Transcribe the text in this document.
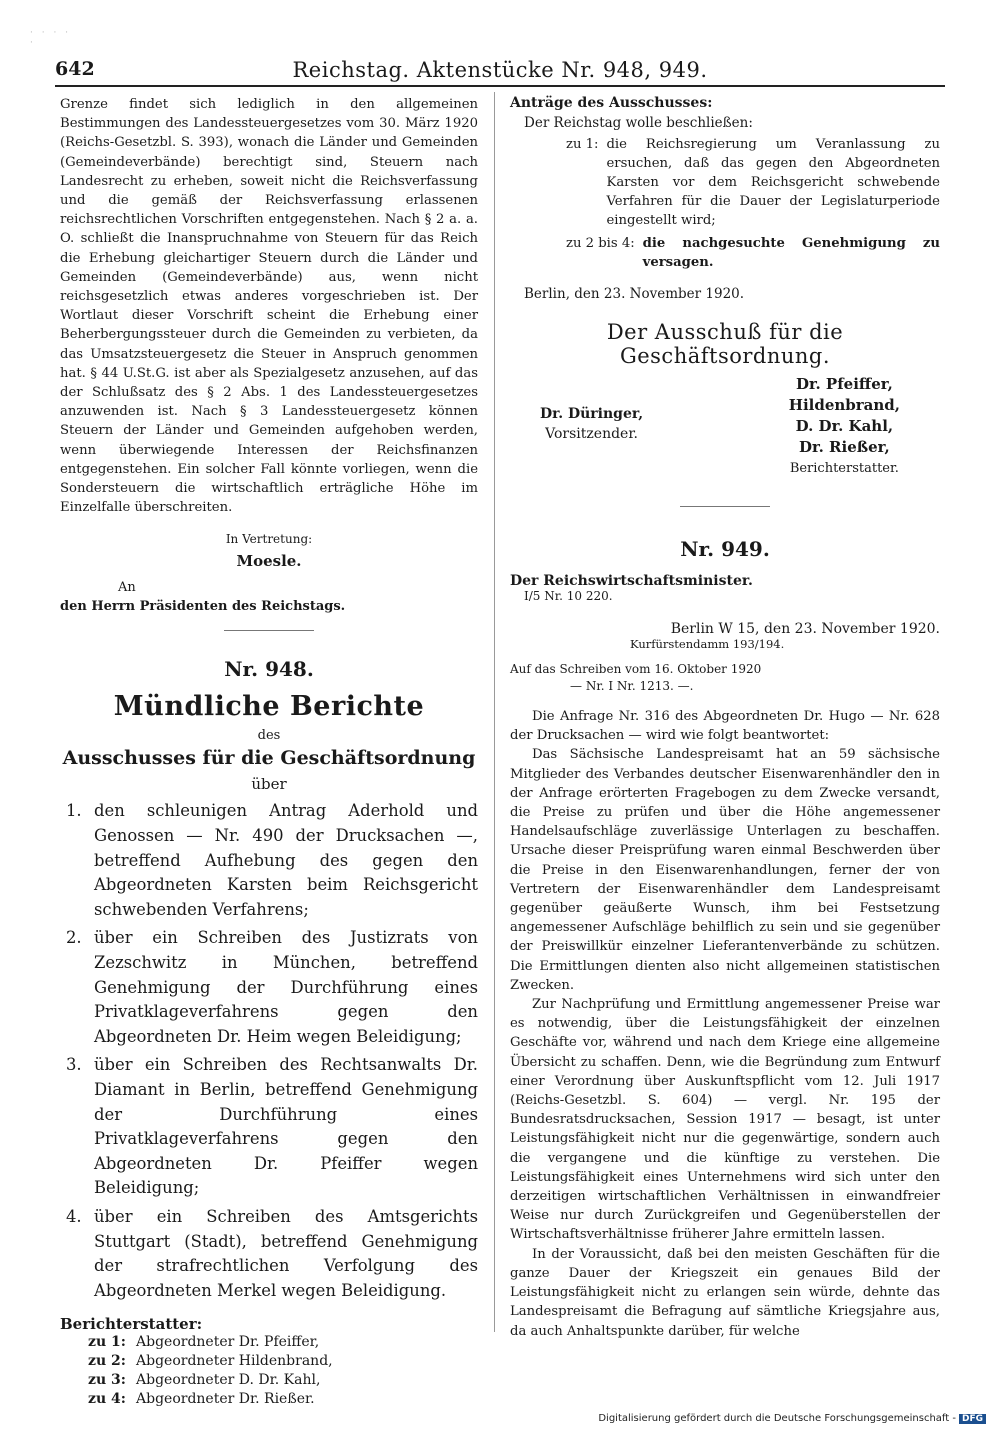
· · · · ·
642	Reichstag. Aktenstücke Nr. 948, 949.

Grenze findet sich lediglich in den allgemeinen Bestimmungen des Landessteuergesetzes vom 30. März 1920 (Reichs-Gesetzbl. S. 393), wonach die Länder und Gemeinden (Gemeindeverbände) berechtigt sind, Steuern nach Landesrecht zu erheben, soweit nicht die Reichsverfassung und die gemäß der Reichsverfassung erlassenen reichsrechtlichen Vorschriften entgegenstehen. Nach § 2 a. a. O. schließt die Inanspruchnahme von Steuern für das Reich die Erhebung gleichartiger Steuern durch die Länder und Gemeinden (Gemeindeverbände) aus, wenn nicht reichsgesetzlich etwas anderes vorgeschrieben ist. Der Wortlaut dieser Vorschrift scheint die Erhebung einer Beherbergungssteuer durch die Gemeinden zu verbieten, da das Umsatzsteuergesetz die Steuer in Anspruch genommen hat. § 44 U.St.G. ist aber als Spezialgesetz anzusehen, auf das der Schlußsatz des § 2 Abs. 1 des Landessteuergesetzes anzuwenden ist. Nach § 3 Landessteuergesetz können Steuern der Länder und Gemeinden aufgehoben werden, wenn überwiegende Interessen der Reichsfinanzen entgegenstehen. Ein solcher Fall könnte vorliegen, wenn die Sondersteuern die wirtschaftlich erträgliche Höhe im Einzelfalle überschreiten.

In Vertretung:
Moesle.
An
den Herrn Präsidenten des Reichstags.
Nr. 948.
Mündliche Berichte
des
Ausschusses für die Geschäftsordnung
über
1. den schleunigen Antrag Aderhold und Genossen — Nr. 490 der Drucksachen —, betreffend Aufhebung des gegen den Abgeordneten Karsten beim Reichsgericht schwebenden Verfahrens;
2. über ein Schreiben des Justizrats von Zezschwitz in München, betreffend Genehmigung der Durchführung eines Privatklageverfahrens gegen den Abgeordneten Dr. Heim wegen Beleidigung;
3. über ein Schreiben des Rechtsanwalts Dr. Diamant in Berlin, betreffend Genehmigung der Durchführung eines Privatklageverfahrens gegen den Abgeordneten Dr. Pfeiffer wegen Beleidigung;
4. über ein Schreiben des Amtsgerichts Stuttgart (Stadt), betreffend Genehmigung der strafrechtlichen Verfolgung des Abgeordneten Merkel wegen Beleidigung.
Berichterstatter:
zu 1: Abgeordneter Dr. Pfeiffer,
zu 2: Abgeordneter Hildenbrand,
zu 3: Abgeordneter D. Dr. Kahl,
zu 4: Abgeordneter Dr. Rießer.
Anträge des Ausschusses:
Der Reichstag wolle beschließen:
zu 1: die Reichsregierung um Veranlassung zu ersuchen, daß das gegen den Abgeordneten Karsten vor dem Reichsgericht schwebende Verfahren für die Dauer der Legislaturperiode eingestellt wird;
zu 2 bis 4: die nachgesuchte Genehmigung zu versagen.
Berlin, den 23. November 1920.
Der Ausschuß für die Geschäftsordnung.
Dr. Düringer,
Vorsitzender.
Dr. Pfeiffer,
Hildenbrand,
D. Dr. Kahl,
Dr. Rießer,
Berichterstatter.
Nr. 949.
Der Reichswirtschaftsminister.
I/5 Nr. 10 220.
Berlin W 15, den 23. November 1920.
Kurfürstendamm 193/194.
Auf das Schreiben vom 16. Oktober 1920
— Nr. I Nr. 1213. —.

Die Anfrage Nr. 316 des Abgeordneten Dr. Hugo — Nr. 628 der Drucksachen — wird wie folgt beantwortet:

Das Sächsische Landespreisamt hat an 59 sächsische Mitglieder des Verbandes deutscher Eisenwarenhändler den in der Anfrage erörterten Fragebogen zu dem Zwecke versandt, die Preise zu prüfen und über die Höhe angemessener Handelsaufschläge zuverlässige Unterlagen zu beschaffen. Ursache dieser Preisprüfung waren einmal Beschwerden über die Preise in den Eisenwarenhandlungen, ferner der von Vertretern der Eisenwarenhändler dem Landespreisamt gegenüber geäußerte Wunsch, ihm bei Festsetzung angemessener Aufschläge behilflich zu sein und sie gegenüber der Preiswillkür einzelner Lieferantenverbände zu schützen. Die Ermittlungen dienten also nicht allgemeinen statistischen Zwecken.

Zur Nachprüfung und Ermittlung angemessener Preise war es notwendig, über die Leistungsfähigkeit der einzelnen Geschäfte vor, während und nach dem Kriege eine allgemeine Übersicht zu schaffen. Denn, wie die Begründung zum Entwurf einer Verordnung über Auskunftspflicht vom 12. Juli 1917 (Reichs-Gesetzbl. S. 604) — vergl. Nr. 195 der Bundesratsdrucksachen, Session 1917 — besagt, ist unter Leistungsfähigkeit nicht nur die gegenwärtige, sondern auch die vergangene und die künftige zu verstehen. Die Leistungsfähigkeit eines Unternehmens wird sich unter den derzeitigen wirtschaftlichen Verhältnissen in einwandfreier Weise nur durch Zurückgreifen und Gegenüberstellen der Wirtschaftsverhältnisse früherer Jahre ermitteln lassen.

In der Voraussicht, daß bei den meisten Geschäften für die ganze Dauer der Kriegszeit ein genaues Bild der Leistungsfähigkeit nicht zu erlangen sein würde, dehnte das Landespreisamt die Befragung auf sämtliche Kriegsjahre aus, da auch Anhaltspunkte darüber, für welche

Digitalisierung gefördert durch die Deutsche Forschungsgemeinschaft - DFG
